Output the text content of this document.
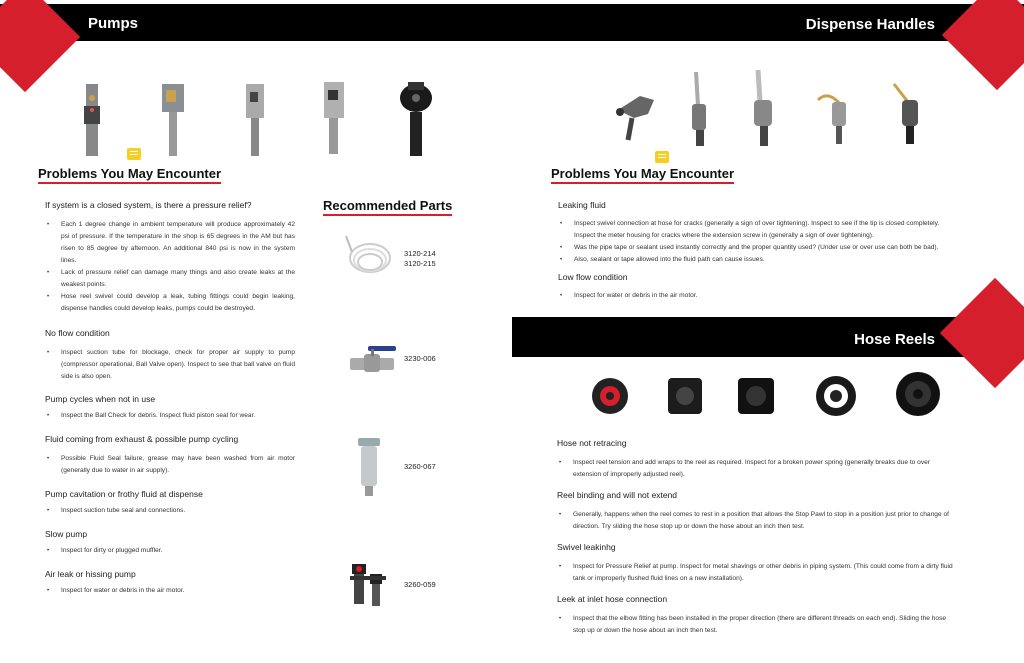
Pumps
Problems You May Encounter
If system is a closed system, is there a pressure relief?
• Each 1 degree change in ambient temperature will produce approximately 42 psi of pressure. If the temperature in the shop is 65 degrees in the AM but has risen to 85 degree by afternoon. An additional 840 psi is now in the system lines.
• Lack of pressure relief can damage many things and also create leaks at the weakest points.
• Hose reel swivel could develop a leak, tubing fittings could begin leaking, dispense handles could develop leaks, pumps could be destroyed.
No flow condition
• Inspect suction tube for blockage, check for proper air supply to pump (compressor operational, Ball Valve open). Inspect to see that ball valve on fluid side is also open.
Pump cycles when not in use
• Inspect the Ball Check for debris. Inspect fluid piston seal for wear.
Fluid coming from exhaust & possible pump cycling
• Possible Fluid Seal failure, grease may have been washed from air motor (generally due to water in air supply).
Pump cavitation or frothy fluid at dispense
• Inspect suction tube seal and connections.
Slow pump
• Inspect for dirty or plugged muffler.
Air leak or hissing pump
• Inspect for water or debris in the air motor.
Recommended Parts
3120-214
3120-215
3230-006
3260-067
3260-059
Dispense Handles
Problems You May Encounter
Leaking fluid
• Inspect swivel connection at hose for cracks (generally a sign of over tightening). Inspect to see if the tip is closed completely. Inspect the meter housing for cracks where the extension screw in (generally a sign of over tightening).
• Was the pipe tape or sealant used instantly correctly and the proper quantity used? (Under use or over use can both be bad).
• Also, sealant or tape allowed into the fluid path can cause issues.
Low flow condition
• Inspect for water or debris in the air motor.
Hose Reels
Hose not retracing
• Inspect reel tension and add wraps to the reel as required. Inspect for a broken power spring (generally breaks due to over extension of improperly adjusted reel).
Reel binding and will not extend
• Generally, happens when the reel comes to rest in a position that allows the Stop Pawl to stop in a position just prior to change of direction. Try sliding the hose stop up or down the hose about an inch then test.
Swivel leakinhg
• Inspect for Pressure Relief at pump. Inspect for metal shavings or other debris in piping system. (This could come from a dirty fluid tank or improperly flushed fluid lines on a new installation).
Leek at inlet hose connection
• Inspect that the elbow fitting has been installed in the proper direction (there are different threads on each end). Sliding the hose stop up or down the hose about an inch then test.
